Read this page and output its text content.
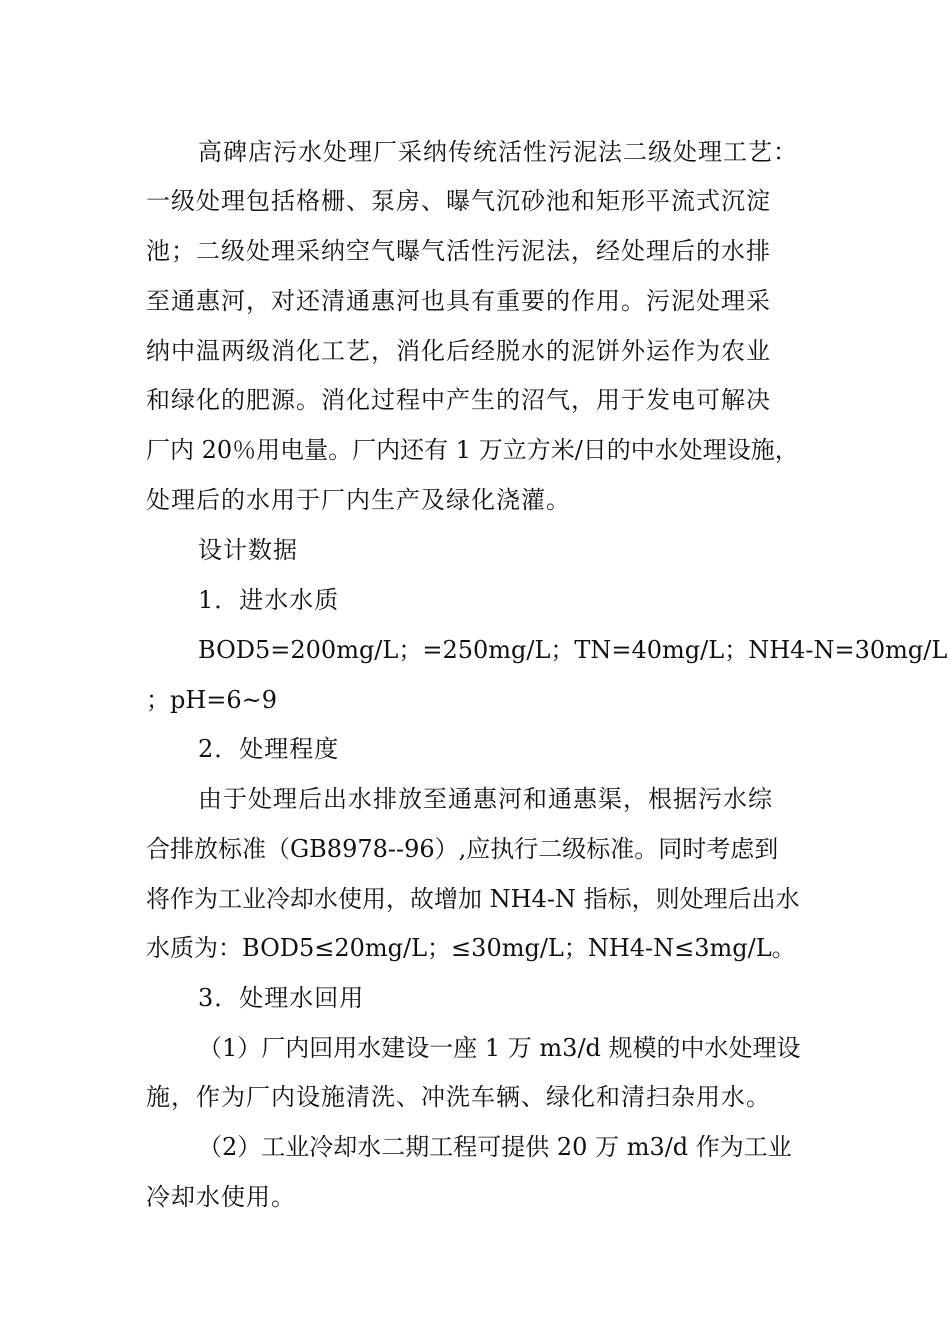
高碑店污水处理厂采纳传统活性污泥法二级处理工艺：
一级处理包括格栅、泵房、曝气沉砂池和矩形平流式沉淀
池；二级处理采纳空气曝气活性污泥法，经处理后的水排
至通惠河，对还清通惠河也具有重要的作用。污泥处理采
纳中温两级消化工艺，消化后经脱水的泥饼外运作为农业
和绿化的肥源。消化过程中产生的沼气，用于发电可解决
厂内 20％用电量。厂内还有 1 万立方米/日的中水处理设施，
处理后的水用于厂内生产及绿化浇灌。
设计数据
1．进水水质
BOD5=200mg/L；=250mg/L；TN=40mg/L；NH4-N=30mg/L
；pH=6~9
2．处理程度
由于处理后出水排放至通惠河和通惠渠，根据污水综
合排放标准（GB8978--96）,应执行二级标准。同时考虑到
将作为工业冷却水使用，故增加 NH4-N 指标，则处理后出水
水质为：BOD5≤20mg/L；≤30mg/L；NH4-N≤3mg/L。
3．处理水回用
（1）厂内回用水建设一座 1 万 m3/d 规模的中水处理设
施，作为厂内设施清洗、冲洗车辆、绿化和清扫杂用水。
（2）工业冷却水二期工程可提供 20 万 m3/d 作为工业
冷却水使用。
